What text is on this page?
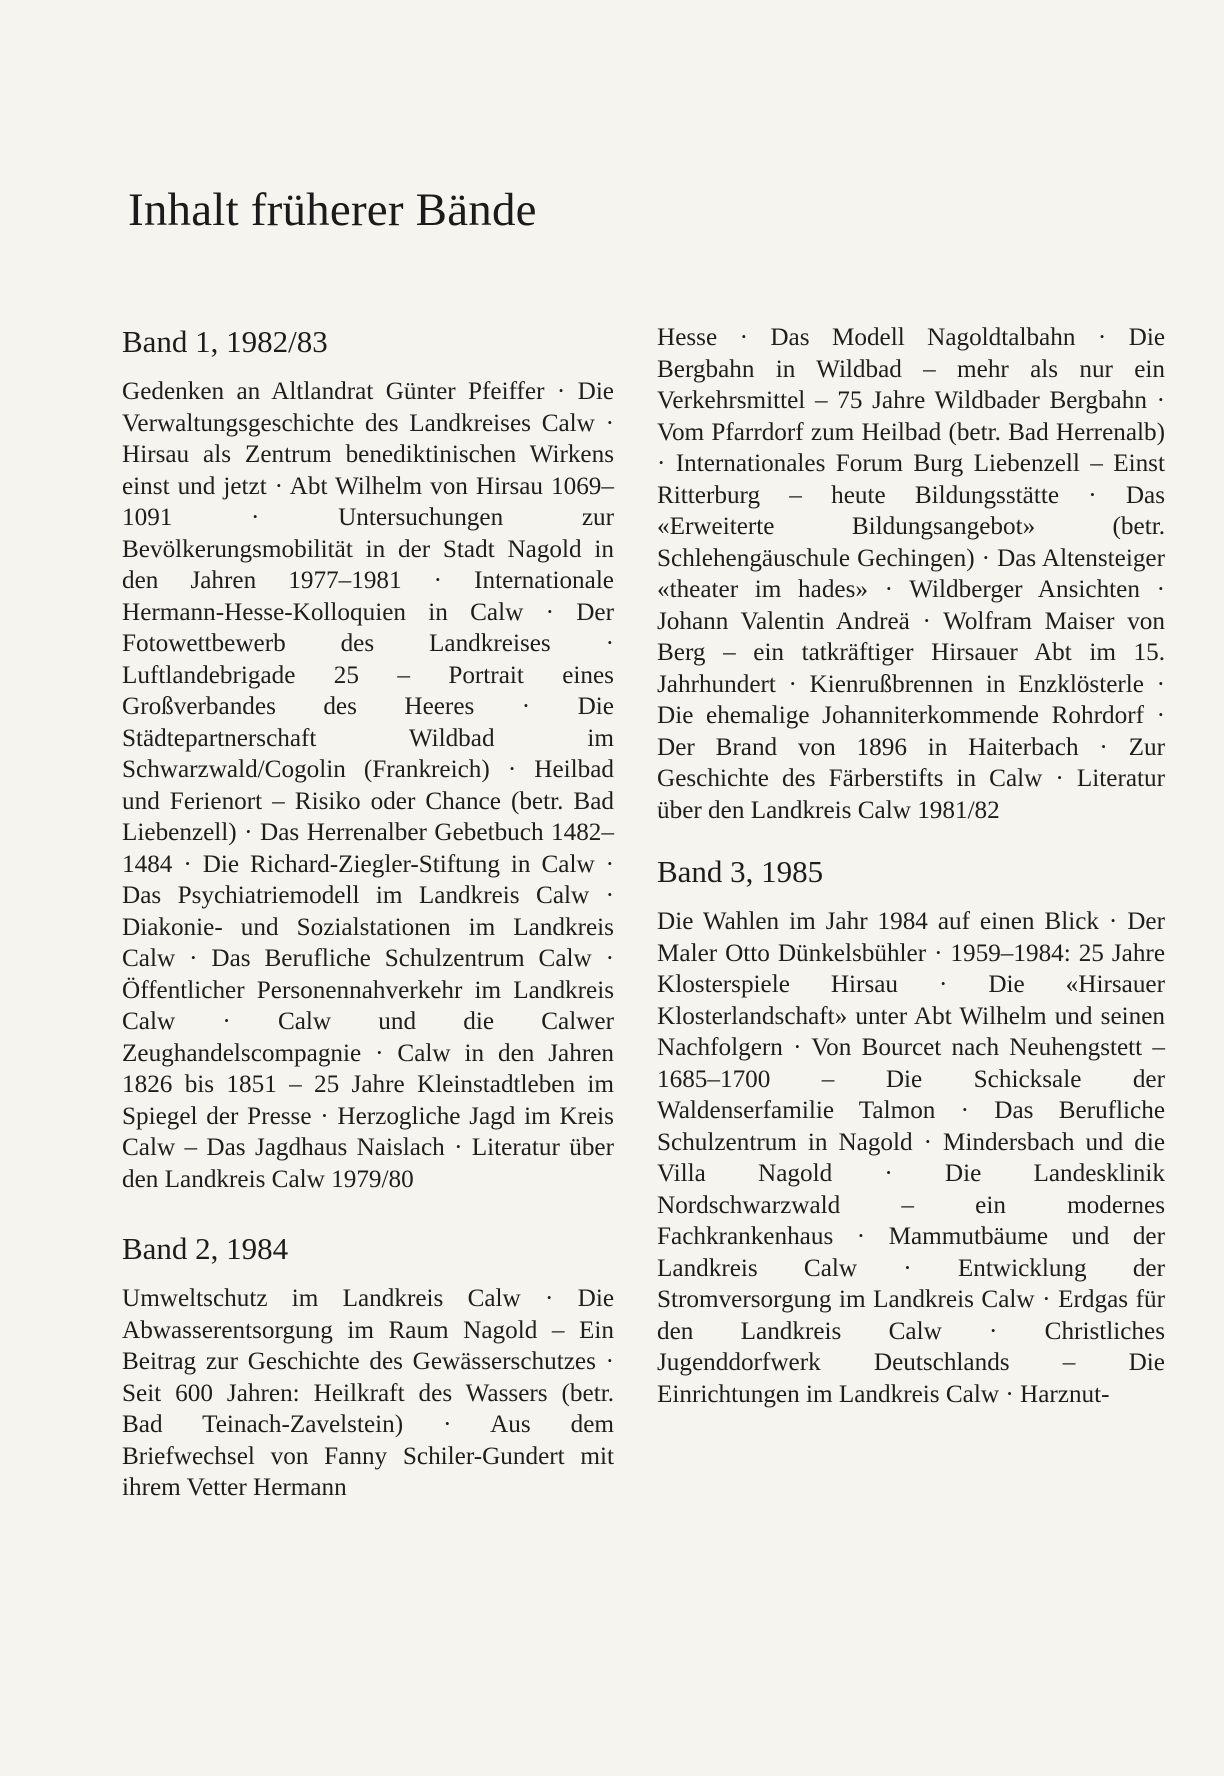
Inhalt früherer Bände
Band 1, 1982/83

Gedenken an Altlandrat Günter Pfeiffer · Die Verwaltungsgeschichte des Landkreises Calw · Hirsau als Zentrum benediktinischen Wirkens einst und jetzt · Abt Wilhelm von Hirsau 1069–1091 · Untersuchungen zur Bevölkerungsmobilität in der Stadt Nagold in den Jahren 1977–1981 · Internationale Hermann-Hesse-Kolloquien in Calw · Der Fotowettbewerb des Landkreises · Luftlandebrigade 25 – Portrait eines Großverbandes des Heeres · Die Städtepartnerschaft Wildbad im Schwarzwald/Cogolin (Frankreich) · Heilbad und Ferienort – Risiko oder Chance (betr. Bad Liebenzell) · Das Herrenalber Gebetbuch 1482–1484 · Die Richard-Ziegler-Stiftung in Calw · Das Psychiatriemodell im Landkreis Calw · Diakonie- und Sozialstationen im Landkreis Calw · Das Berufliche Schulzentrum Calw · Öffentlicher Personennahverkehr im Landkreis Calw · Calw und die Calwer Zeughandelscompagnie · Calw in den Jahren 1826 bis 1851 – 25 Jahre Kleinstadtleben im Spiegel der Presse · Herzogliche Jagd im Kreis Calw – Das Jagdhaus Naislach · Literatur über den Landkreis Calw 1979/80

Band 2, 1984

Umweltschutz im Landkreis Calw · Die Abwasserentsorgung im Raum Nagold – Ein Beitrag zur Geschichte des Gewässerschutzes · Seit 600 Jahren: Heilkraft des Wassers (betr. Bad Teinach-Zavelstein) · Aus dem Briefwechsel von Fanny Schiler-Gundert mit ihrem Vetter Hermann

Hesse · Das Modell Nagoldtalbahn · Die Bergbahn in Wildbad – mehr als nur ein Verkehrsmittel – 75 Jahre Wildbader Bergbahn · Vom Pfarrdorf zum Heilbad (betr. Bad Herrenalb) · Internationales Forum Burg Liebenzell – Einst Ritterburg – heute Bildungsstätte · Das «Erweiterte Bildungsangebot» (betr. Schlehengäuschule Gechingen) · Das Altensteiger «theater im hades» · Wildberger Ansichten · Johann Valentin Andreä · Wolfram Maiser von Berg – ein tatkräftiger Hirsauer Abt im 15. Jahrhundert · Kienrußbrennen in Enzklösterle · Die ehemalige Johanniterkommende Rohrdorf · Der Brand von 1896 in Haiterbach · Zur Geschichte des Färberstifts in Calw · Literatur über den Landkreis Calw 1981/82

Band 3, 1985

Die Wahlen im Jahr 1984 auf einen Blick · Der Maler Otto Dünkelsbühler · 1959–1984: 25 Jahre Klosterspiele Hirsau · Die «Hirsauer Klosterlandschaft» unter Abt Wilhelm und seinen Nachfolgern · Von Bourcet nach Neuhengstett – 1685–1700 – Die Schicksale der Waldenserfamilie Talmon · Das Berufliche Schulzentrum in Nagold · Mindersbach und die Villa Nagold · Die Landesklinik Nordschwarzwald – ein modernes Fachkrankenhaus · Mammutbäume und der Landkreis Calw · Entwicklung der Stromversorgung im Landkreis Calw · Erdgas für den Landkreis Calw · Christliches Jugenddorfwerk Deutschlands – Die Einrichtungen im Landkreis Calw · Harznut-
